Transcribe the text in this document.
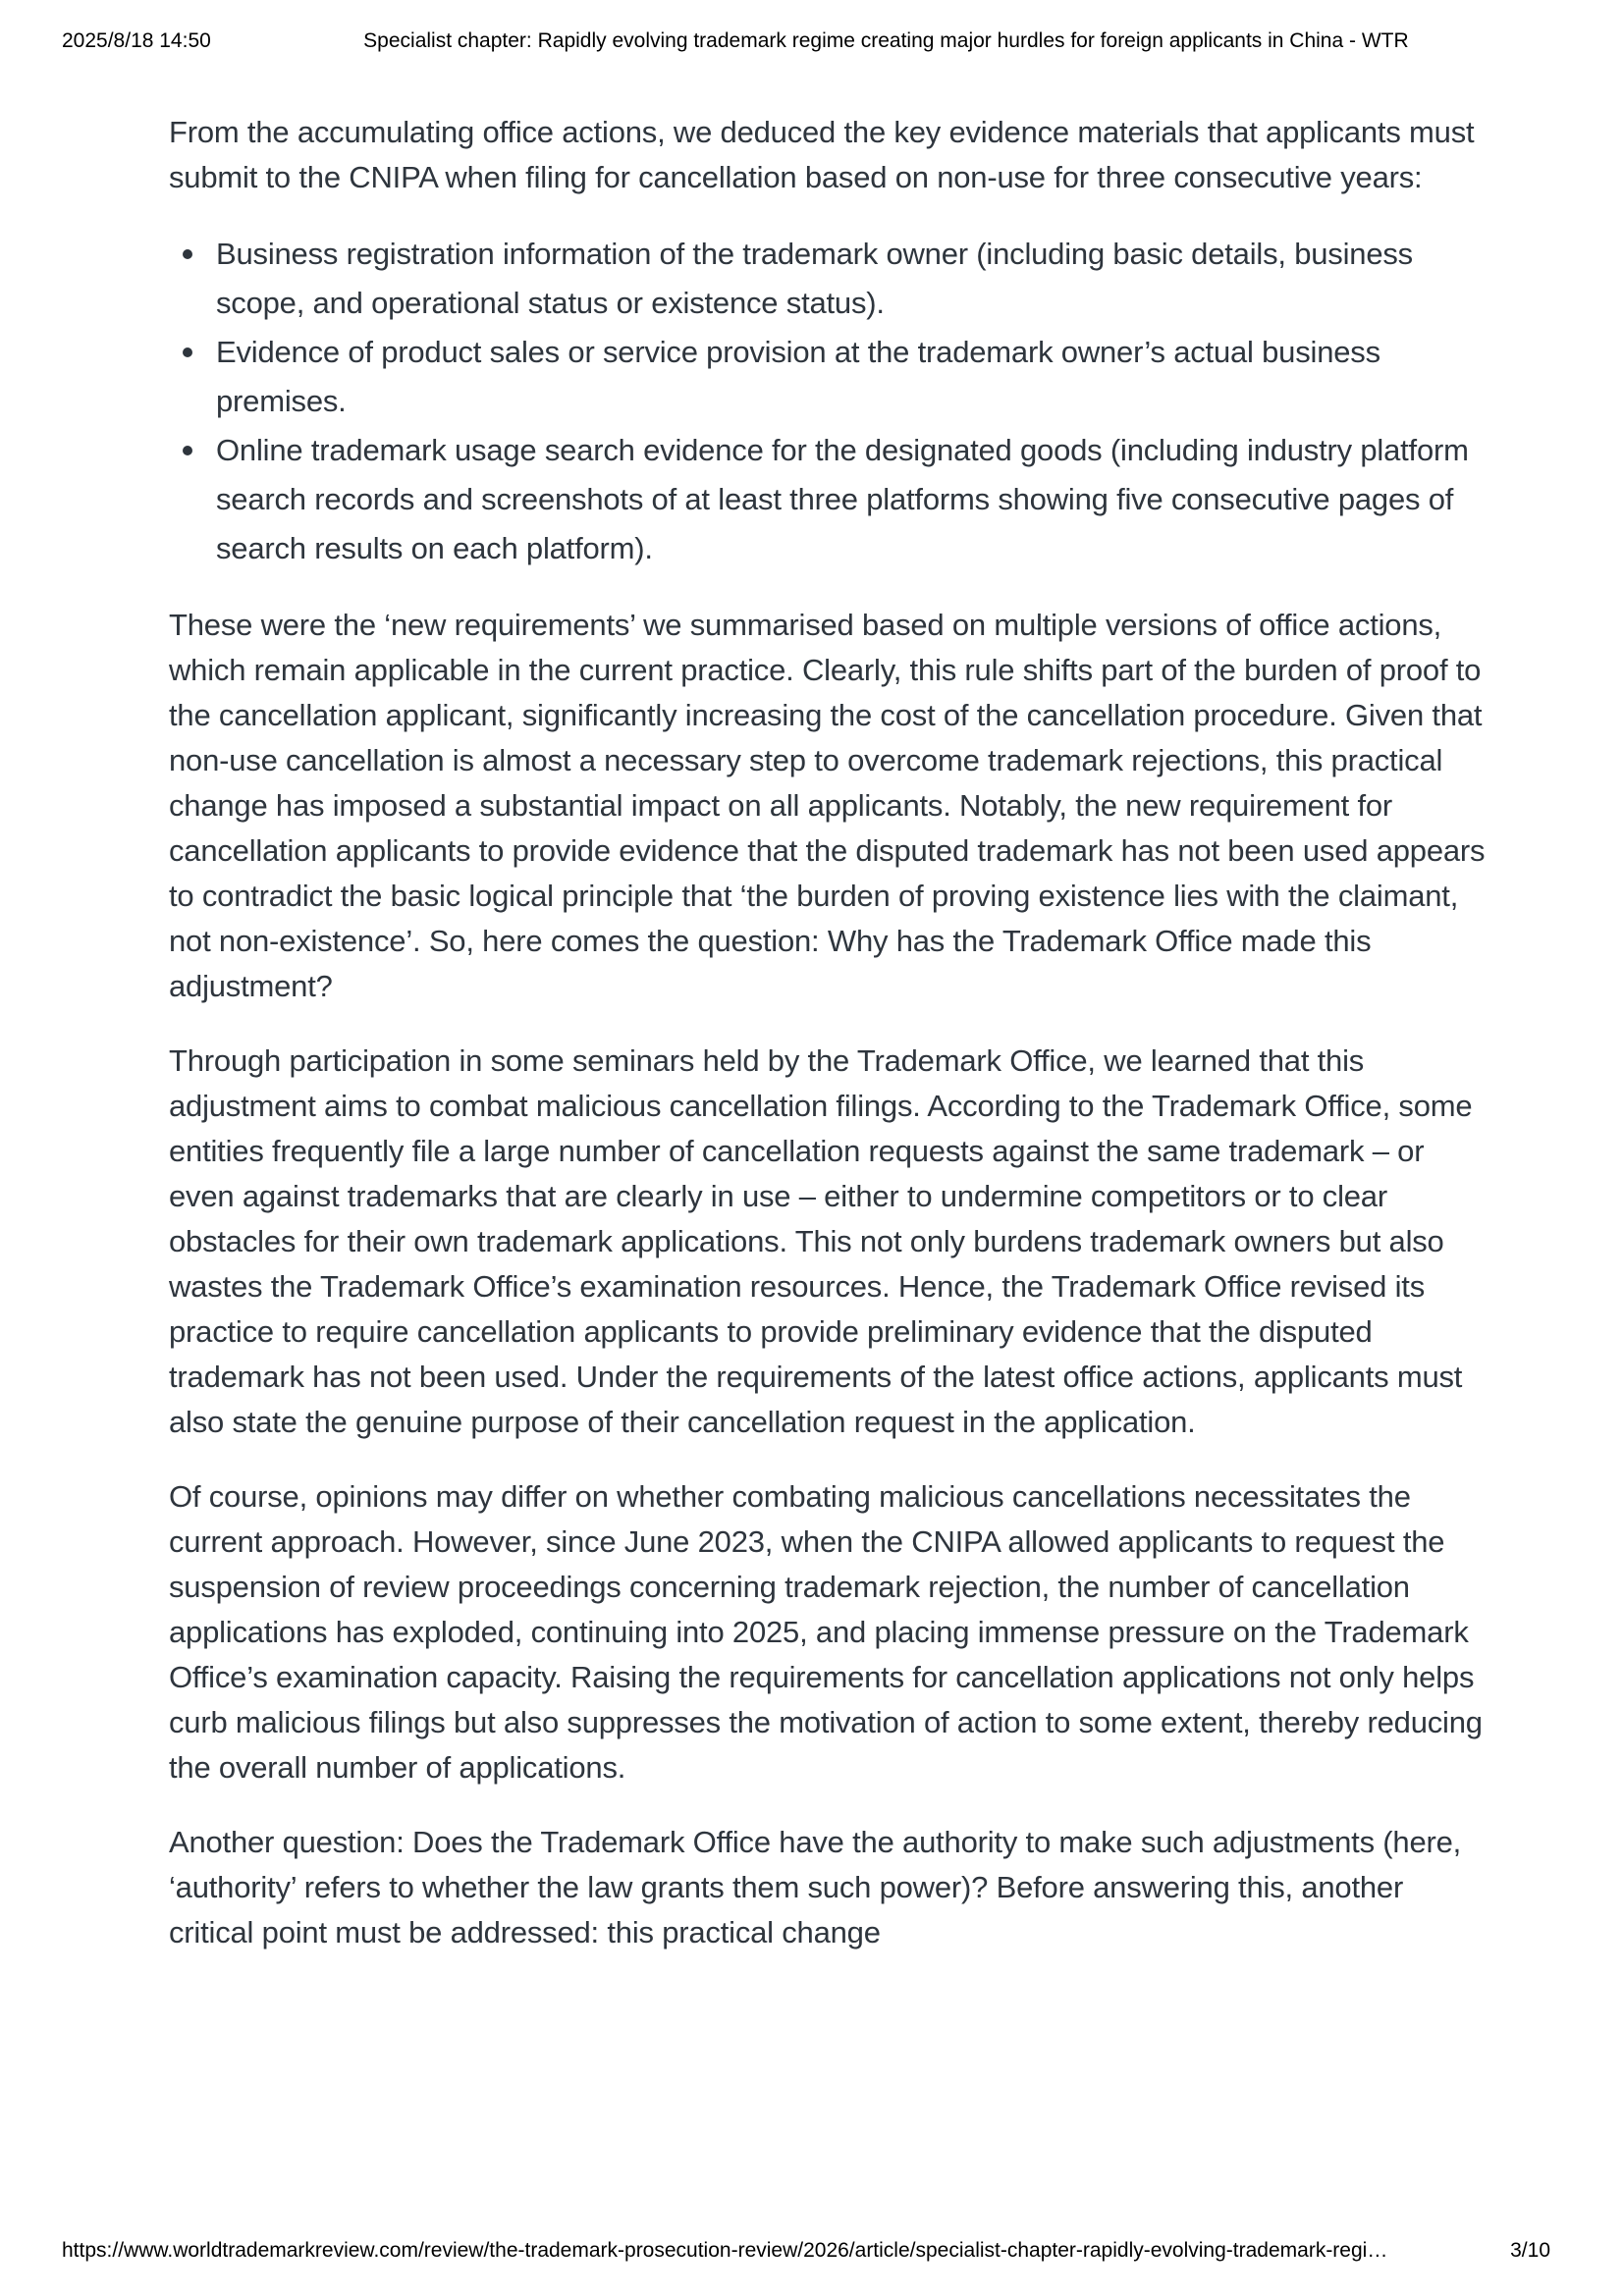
2025/8/18 14:50	Specialist chapter: Rapidly evolving trademark regime creating major hurdles for foreign applicants in China - WTR

From the accumulating office actions, we deduced the key evidence materials that applicants must submit to the CNIPA when filing for cancellation based on non-use for three consecutive years:

Business registration information of the trademark owner (including basic details, business scope, and operational status or existence status).
Evidence of product sales or service provision at the trademark owner’s actual business premises.
Online trademark usage search evidence for the designated goods (including industry platform search records and screenshots of at least three platforms showing five consecutive pages of search results on each platform).

These were the ‘new requirements’ we summarised based on multiple versions of office actions, which remain applicable in the current practice. Clearly, this rule shifts part of the burden of proof to the cancellation applicant, significantly increasing the cost of the cancellation procedure. Given that non-use cancellation is almost a necessary step to overcome trademark rejections, this practical change has imposed a substantial impact on all applicants. Notably, the new requirement for cancellation applicants to provide evidence that the disputed trademark has not been used appears to contradict the basic logical principle that ‘the burden of proving existence lies with the claimant, not non-existence’. So, here comes the question: Why has the Trademark Office made this adjustment?

Through participation in some seminars held by the Trademark Office, we learned that this adjustment aims to combat malicious cancellation filings. According to the Trademark Office, some entities frequently file a large number of cancellation requests against the same trademark – or even against trademarks that are clearly in use – either to undermine competitors or to clear obstacles for their own trademark applications. This not only burdens trademark owners but also wastes the Trademark Office’s examination resources. Hence, the Trademark Office revised its practice to require cancellation applicants to provide preliminary evidence that the disputed trademark has not been used. Under the requirements of the latest office actions, applicants must also state the genuine purpose of their cancellation request in the application.

Of course, opinions may differ on whether combating malicious cancellations necessitates the current approach. However, since June 2023, when the CNIPA allowed applicants to request the suspension of review proceedings concerning trademark rejection, the number of cancellation applications has exploded, continuing into 2025, and placing immense pressure on the Trademark Office’s examination capacity. Raising the requirements for cancellation applications not only helps curb malicious filings but also suppresses the motivation of action to some extent, thereby reducing the overall number of applications.

Another question: Does the Trademark Office have the authority to make such adjustments (here, ‘authority’ refers to whether the law grants them such power)? Before answering this, another critical point must be addressed: this practical change

https://www.worldtrademarkreview.com/review/the-trademark-prosecution-review/2026/article/specialist-chapter-rapidly-evolving-trademark-regi…	3/10
